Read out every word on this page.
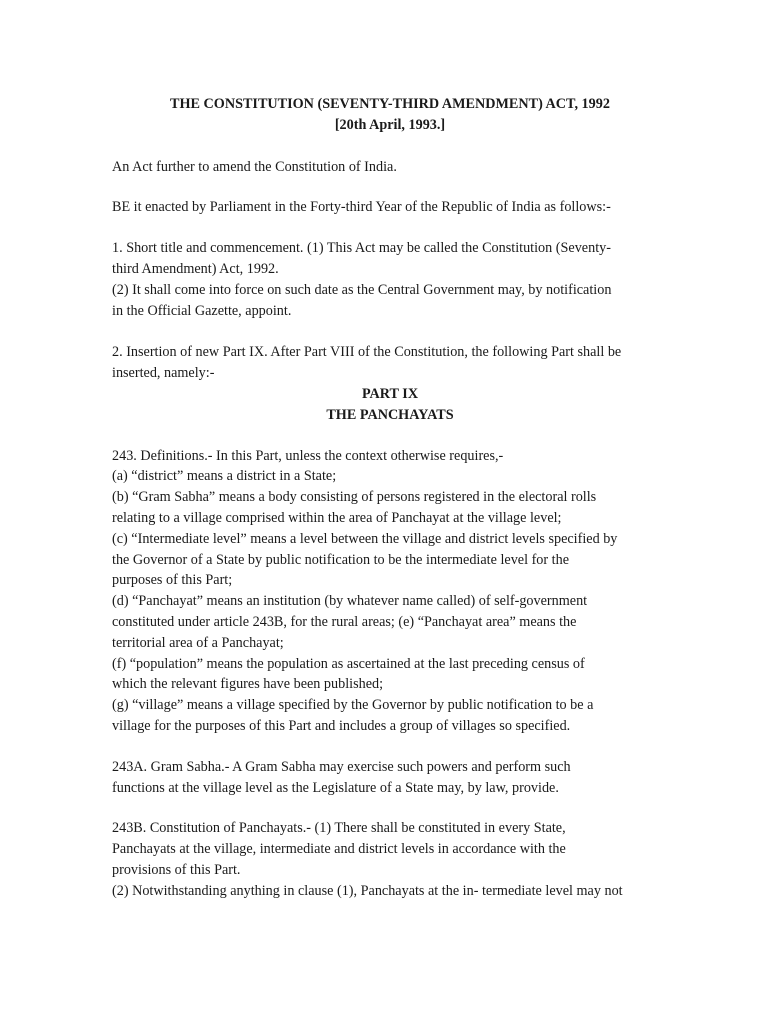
THE CONSTITUTION (SEVENTY-THIRD AMENDMENT) ACT, 1992
[20th April, 1993.]

An Act further to amend the Constitution of India.

BE it enacted by Parliament in the Forty-third Year of the Republic of India as follows:-

1. Short title and commencement. (1) This Act may be called the Constitution (Seventy-
third Amendment) Act, 1992.
(2) It shall come into force on such date as the Central Government may, by notification
in the Official Gazette, appoint.

2. Insertion of new Part IX. After Part VIII of the Constitution, the following Part shall be
inserted, namely:-

PART IX
THE PANCHAYATS

243. Definitions.- In this Part, unless the context otherwise requires,-
(a) “district” means a district in a State;
(b) “Gram Sabha” means a body consisting of persons registered in the electoral rolls
relating to a village comprised within the area of Panchayat at the village level;
(c) “Intermediate level” means a level between the village and district levels specified by
the Governor of a State by public notification to be the intermediate level for the
purposes of this Part;
(d) “Panchayat” means an institution (by whatever name called) of self-government
constituted under article 243B, for the rural areas; (e) “Panchayat area” means the
territorial area of a Panchayat;
(f) “population” means the population as ascertained at the last preceding census of
which the relevant figures have been published;
(g) “village” means a village specified by the Governor by public notification to be a
village for the purposes of this Part and includes a group of villages so specified.

243A. Gram Sabha.- A Gram Sabha may exercise such powers and perform such
functions at the village level as the Legislature of a State may, by law, provide.

243B. Constitution of Panchayats.- (1) There shall be constituted in every State,
Panchayats at the village, intermediate and district levels in accordance with the
provisions of this Part.
(2) Notwithstanding anything in clause (1), Panchayats at the in- termediate level may not
